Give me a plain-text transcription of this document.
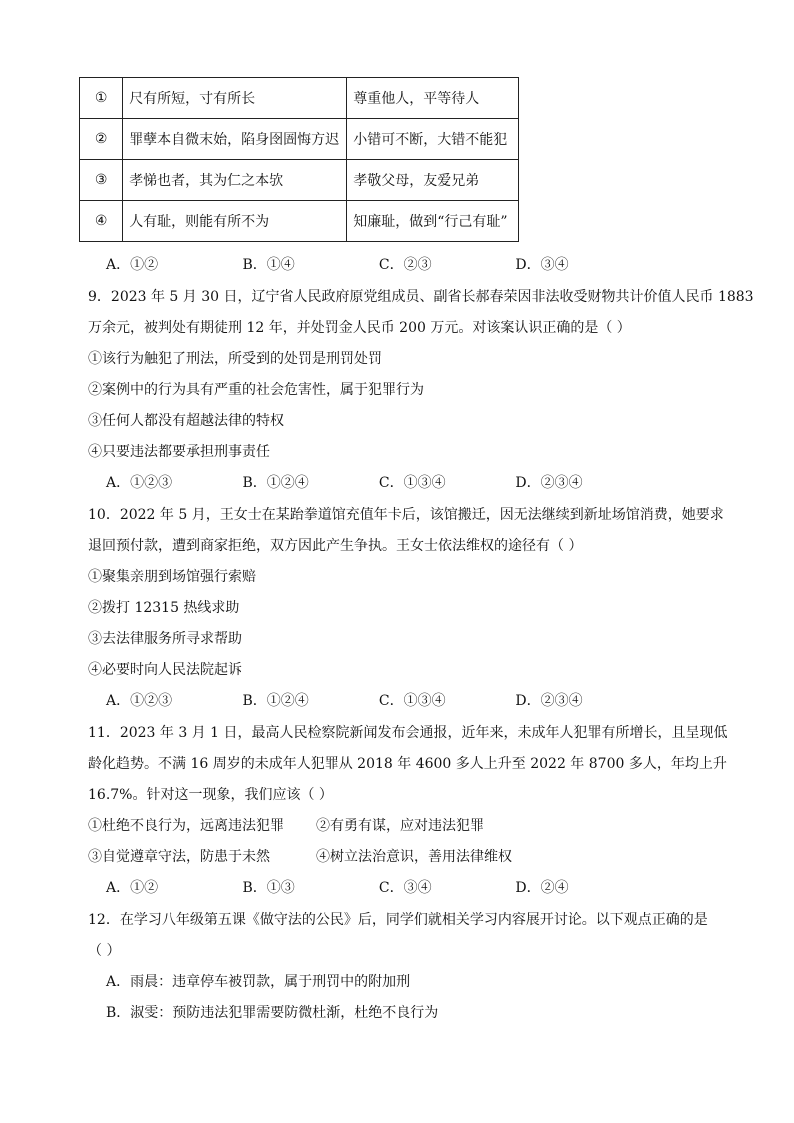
①	尺有所短，寸有所长	尊重他人，平等待人
②	罪孽本自微末始，陷身囹圄悔方迟	小错可不断，大错不能犯
③	孝悌也者，其为仁之本欤	孝敬父母，友爱兄弟
④	人有耻，则能有所不为	知廉耻，做到“行己有耻”
A．①②	B．①④	C．②③	D．③④
9．2023 年 5 月 30 日，辽宁省人民政府原党组成员、副省长郝春荣因非法收受财物共计价值人民币 1883
万余元，被判处有期徒刑 12 年，并处罚金人民币 200 万元。对该案认识正确的是（ ）
①该行为触犯了刑法，所受到的处罚是刑罚处罚
②案例中的行为具有严重的社会危害性，属于犯罪行为
③任何人都没有超越法律的特权
④只要违法都要承担刑事责任
A．①②③	B．①②④	C．①③④	D．②③④
10．2022 年 5 月，王女士在某跆拳道馆充值年卡后，该馆搬迁，因无法继续到新址场馆消费，她要求
退回预付款，遭到商家拒绝，双方因此产生争执。王女士依法维权的途径有（ ）
①聚集亲朋到场馆强行索赔
②拨打 12315 热线求助
③去法律服务所寻求帮助
④必要时向人民法院起诉
A．①②③	B．①②④	C．①③④	D．②③④
11．2023 年 3 月 1 日，最高人民检察院新闻发布会通报，近年来，未成年人犯罪有所增长，且呈现低
龄化趋势。不满 16 周岁的未成年人犯罪从 2018 年 4600 多人上升至 2022 年 8700 多人，年均上升
16.7%。针对这一现象，我们应该（ ）
①杜绝不良行为，远离违法犯罪 ②有勇有谋，应对违法犯罪
③自觉遵章守法，防患于未然	④树立法治意识，善用法律维权
A．①②	B．①③	C．③④	D．②④
12．在学习八年级第五课《做守法的公民》后，同学们就相关学习内容展开讨论。以下观点正确的是
（ ）
A．雨晨：违章停车被罚款，属于刑罚中的附加刑
B．淑雯：预防违法犯罪需要防微杜渐，杜绝不良行为
